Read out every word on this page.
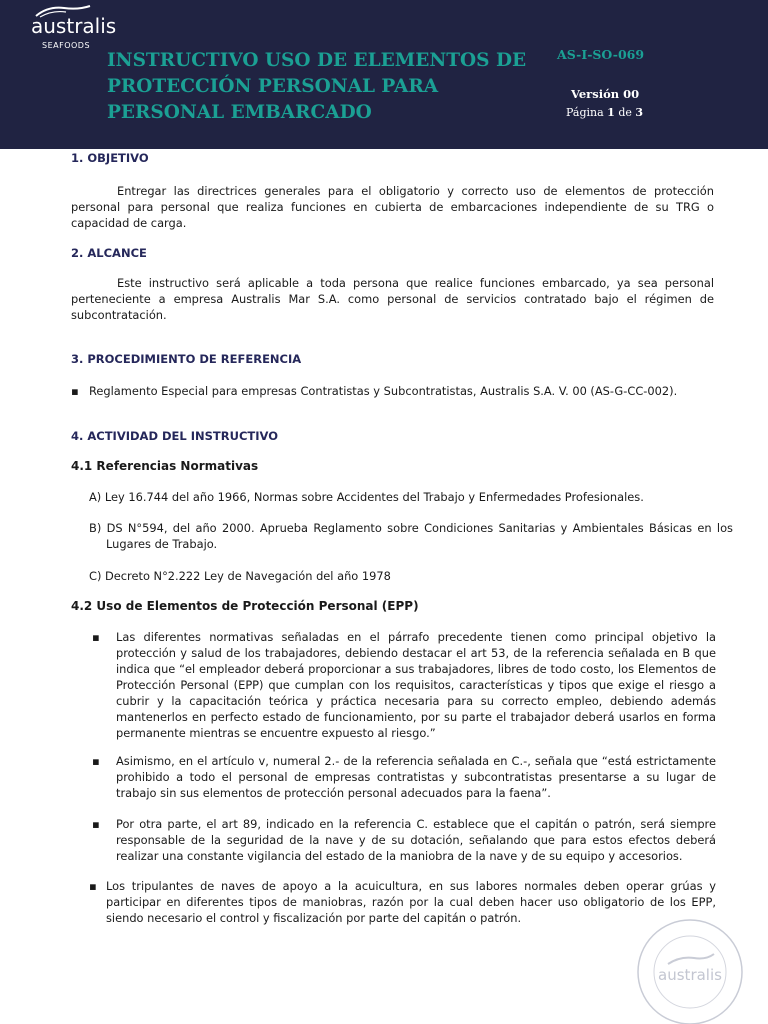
australis
SEAFOODS
INSTRUCTIVO USO DE ELEMENTOS DE PROTECCIÓN PERSONAL PARA PERSONAL EMBARCADO
AS-I-SO-069
Versión 00
Página 1 de 3
1. OBJETIVO

Entregar las directrices generales para el obligatorio y correcto uso de elementos de protección personal para personal que realiza funciones en cubierta de embarcaciones independiente de su TRG o capacidad de carga.

2. ALCANCE

Este instructivo será aplicable a toda persona que realice funciones embarcado, ya sea personal perteneciente a empresa Australis Mar S.A. como personal de servicios contratado bajo el régimen de subcontratación.

3. PROCEDIMIENTO DE REFERENCIA
▪ Reglamento Especial para empresas Contratistas y Subcontratistas, Australis S.A. V. 00 (AS-G-CC-002).

4. ACTIVIDAD DEL INSTRUCTIVO
4.1 Referencias Normativas

A) Ley 16.744 del año 1966, Normas sobre Accidentes del Trabajo y Enfermedades Profesionales.

B) DS N°594, del año 2000. Aprueba Reglamento sobre Condiciones Sanitarias y Ambientales Básicas en los Lugares de Trabajo.

C) Decreto N°2.222 Ley de Navegación del año 1978

4.2 Uso de Elementos de Protección Personal (EPP)
▪ Las diferentes normativas señaladas en el párrafo precedente tienen como principal objetivo la protección y salud de los trabajadores, debiendo destacar el art 53, de la referencia señalada en B que indica que “el empleador deberá proporcionar a sus trabajadores, libres de todo costo, los Elementos de Protección Personal (EPP) que cumplan con los requisitos, características y tipos que exige el riesgo a cubrir y la capacitación teórica y práctica necesaria para su correcto empleo, debiendo además mantenerlos en perfecto estado de funcionamiento, por su parte el trabajador deberá usarlos en forma permanente mientras se encuentre expuesto al riesgo.”

▪ Asimismo, en el artículo v, numeral 2.- de la referencia señalada en C.-, señala que “está estrictamente prohibido a todo el personal de empresas contratistas y subcontratistas presentarse a su lugar de trabajo sin sus elementos de protección personal adecuados para la faena”.

▪ Por otra parte, el art 89, indicado en la referencia C. establece que el capitán o patrón, será siempre responsable de la seguridad de la nave y de su dotación, señalando que para estos efectos deberá realizar una constante vigilancia del estado de la maniobra de la nave y de su equipo y accesorios.

▪ Los tripulantes de naves de apoyo a la acuicultura, en sus labores normales deben operar grúas y participar en diferentes tipos de maniobras, razón por la cual deben hacer uso obligatorio de los EPP, siendo necesario el control y fiscalización por parte del capitán o patrón.

australis
